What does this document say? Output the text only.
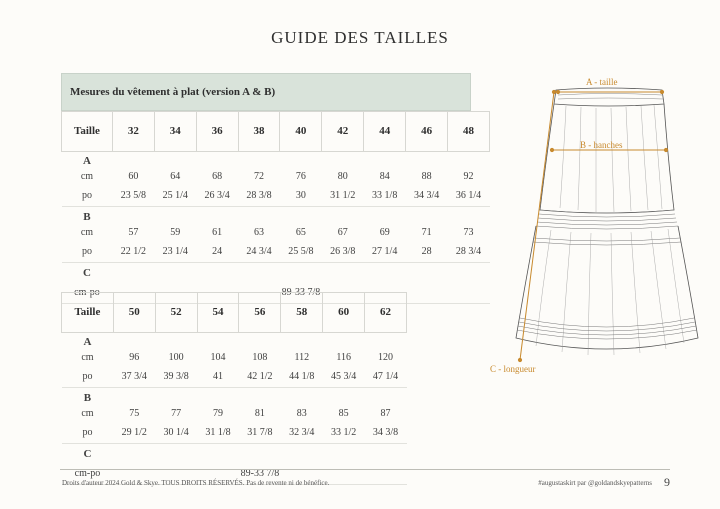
GUIDE DES TAILLES
Mesures du vêtement à plat (version A & B)
Taille	32	34	36	38	40	42	44	46	48
A									
cm	60	64	68	72	76	80	84	88	92
po	23 5/8	25 1/4	26 3/4	28 3/8	30	31 1/2	33 1/8	34 3/4	36 1/4
B									
cm	57	59	61	63	65	67	69	71	73
po	22 1/2	23 1/4	24	24 3/4	25 5/8	26 3/8	27 1/4	28	28 3/4
C									
cm-po	89-33 7/8								
Taille	50	52	54	56	58	60	62
A							
cm	96	100	104	108	112	116	120
po	37 3/4	39 3/8	41	42 1/2	44 1/8	45 3/4	47 1/4
B							
cm	75	77	79	81	83	85	87
po	29 1/2	30 1/4	31 1/8	31 7/8	32 3/4	33 1/2	34 3/8
C							
cm-po	89-33 7/8						
A - taille
B - hanches
C - longueur
Droits d'auteur 2024 Gold & Skye. TOUS DROITS RÉSERVÉS. Pas de revente ni de bénéfice.	#augustaskirt par @goldandskyepatterns 9
